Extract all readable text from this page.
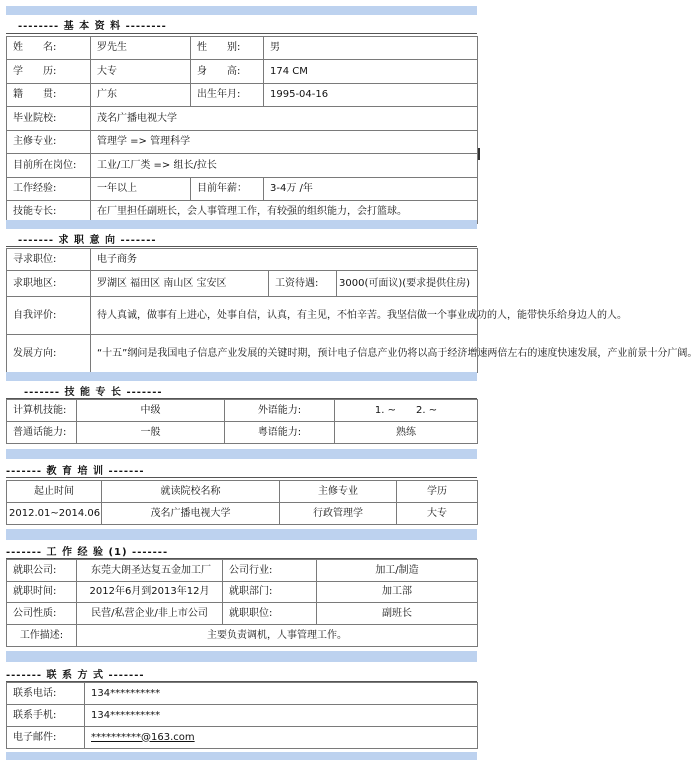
-------- 基 本 资 料 --------
姓　　名:	罗先生	性　　别:	男
学　　历:	大专	身　　高:	174 CM
籍　　贯:	广东	出生年月:	1995-04-16
毕业院校:	茂名广播电视大学		
主修专业:	管理学 => 管理科学		
目前所在岗位:	工业/工厂类 => 组长/拉长		
工作经验:	一年以上	目前年薪：	3-4万 /年
技能专长:	在厂里担任副班长，会人事管理工作，有较强的组织能力，会打篮球。		
------- 求 职 意 向 -------
寻求职位:	电子商务		
求职地区:	罗湖区 福田区 南山区 宝安区	工资待遇:	3000(可面议)(要求提供住房)
自我评价:	待人真诚，做事有上进心，处事自信，认真，有主见，不怕辛苦。我坚信做一个事业成功的人，能带快乐给身边人的人。		
发展方向:	“十五”纲问是我国电子信息产业发展的关键时期，预计电子信息产业仍将以高于经济增速两倍左右的速度快速发展，产业前景十分广阔。		
------- 技 能 专 长 -------
计算机技能:	中级	外语能力:	1. ~　　2. ~
普通话能力:	一般	粤语能力:	熟练
------- 教 育 培 训 -------
起止时间	就读院校名称	主修专业	学历
2012.01~2014.06	茂名广播电视大学	行政管理学	大专
------- 工 作 经 验 (1) -------
就职公司:	东莞大朗圣达复五金加工厂	公司行业:	加工/制造
就职时间:	2012年6月到2013年12月	就职部门:	加工部
公司性质:	民营/私营企业/非上市公司	就职职位:	副班长
工作描述:	主要负责调机，人事管理工作。		
------- 联 系 方 式 -------
联系电话:	134**********
联系手机:	134**********
电子邮件:	**********@163.com
